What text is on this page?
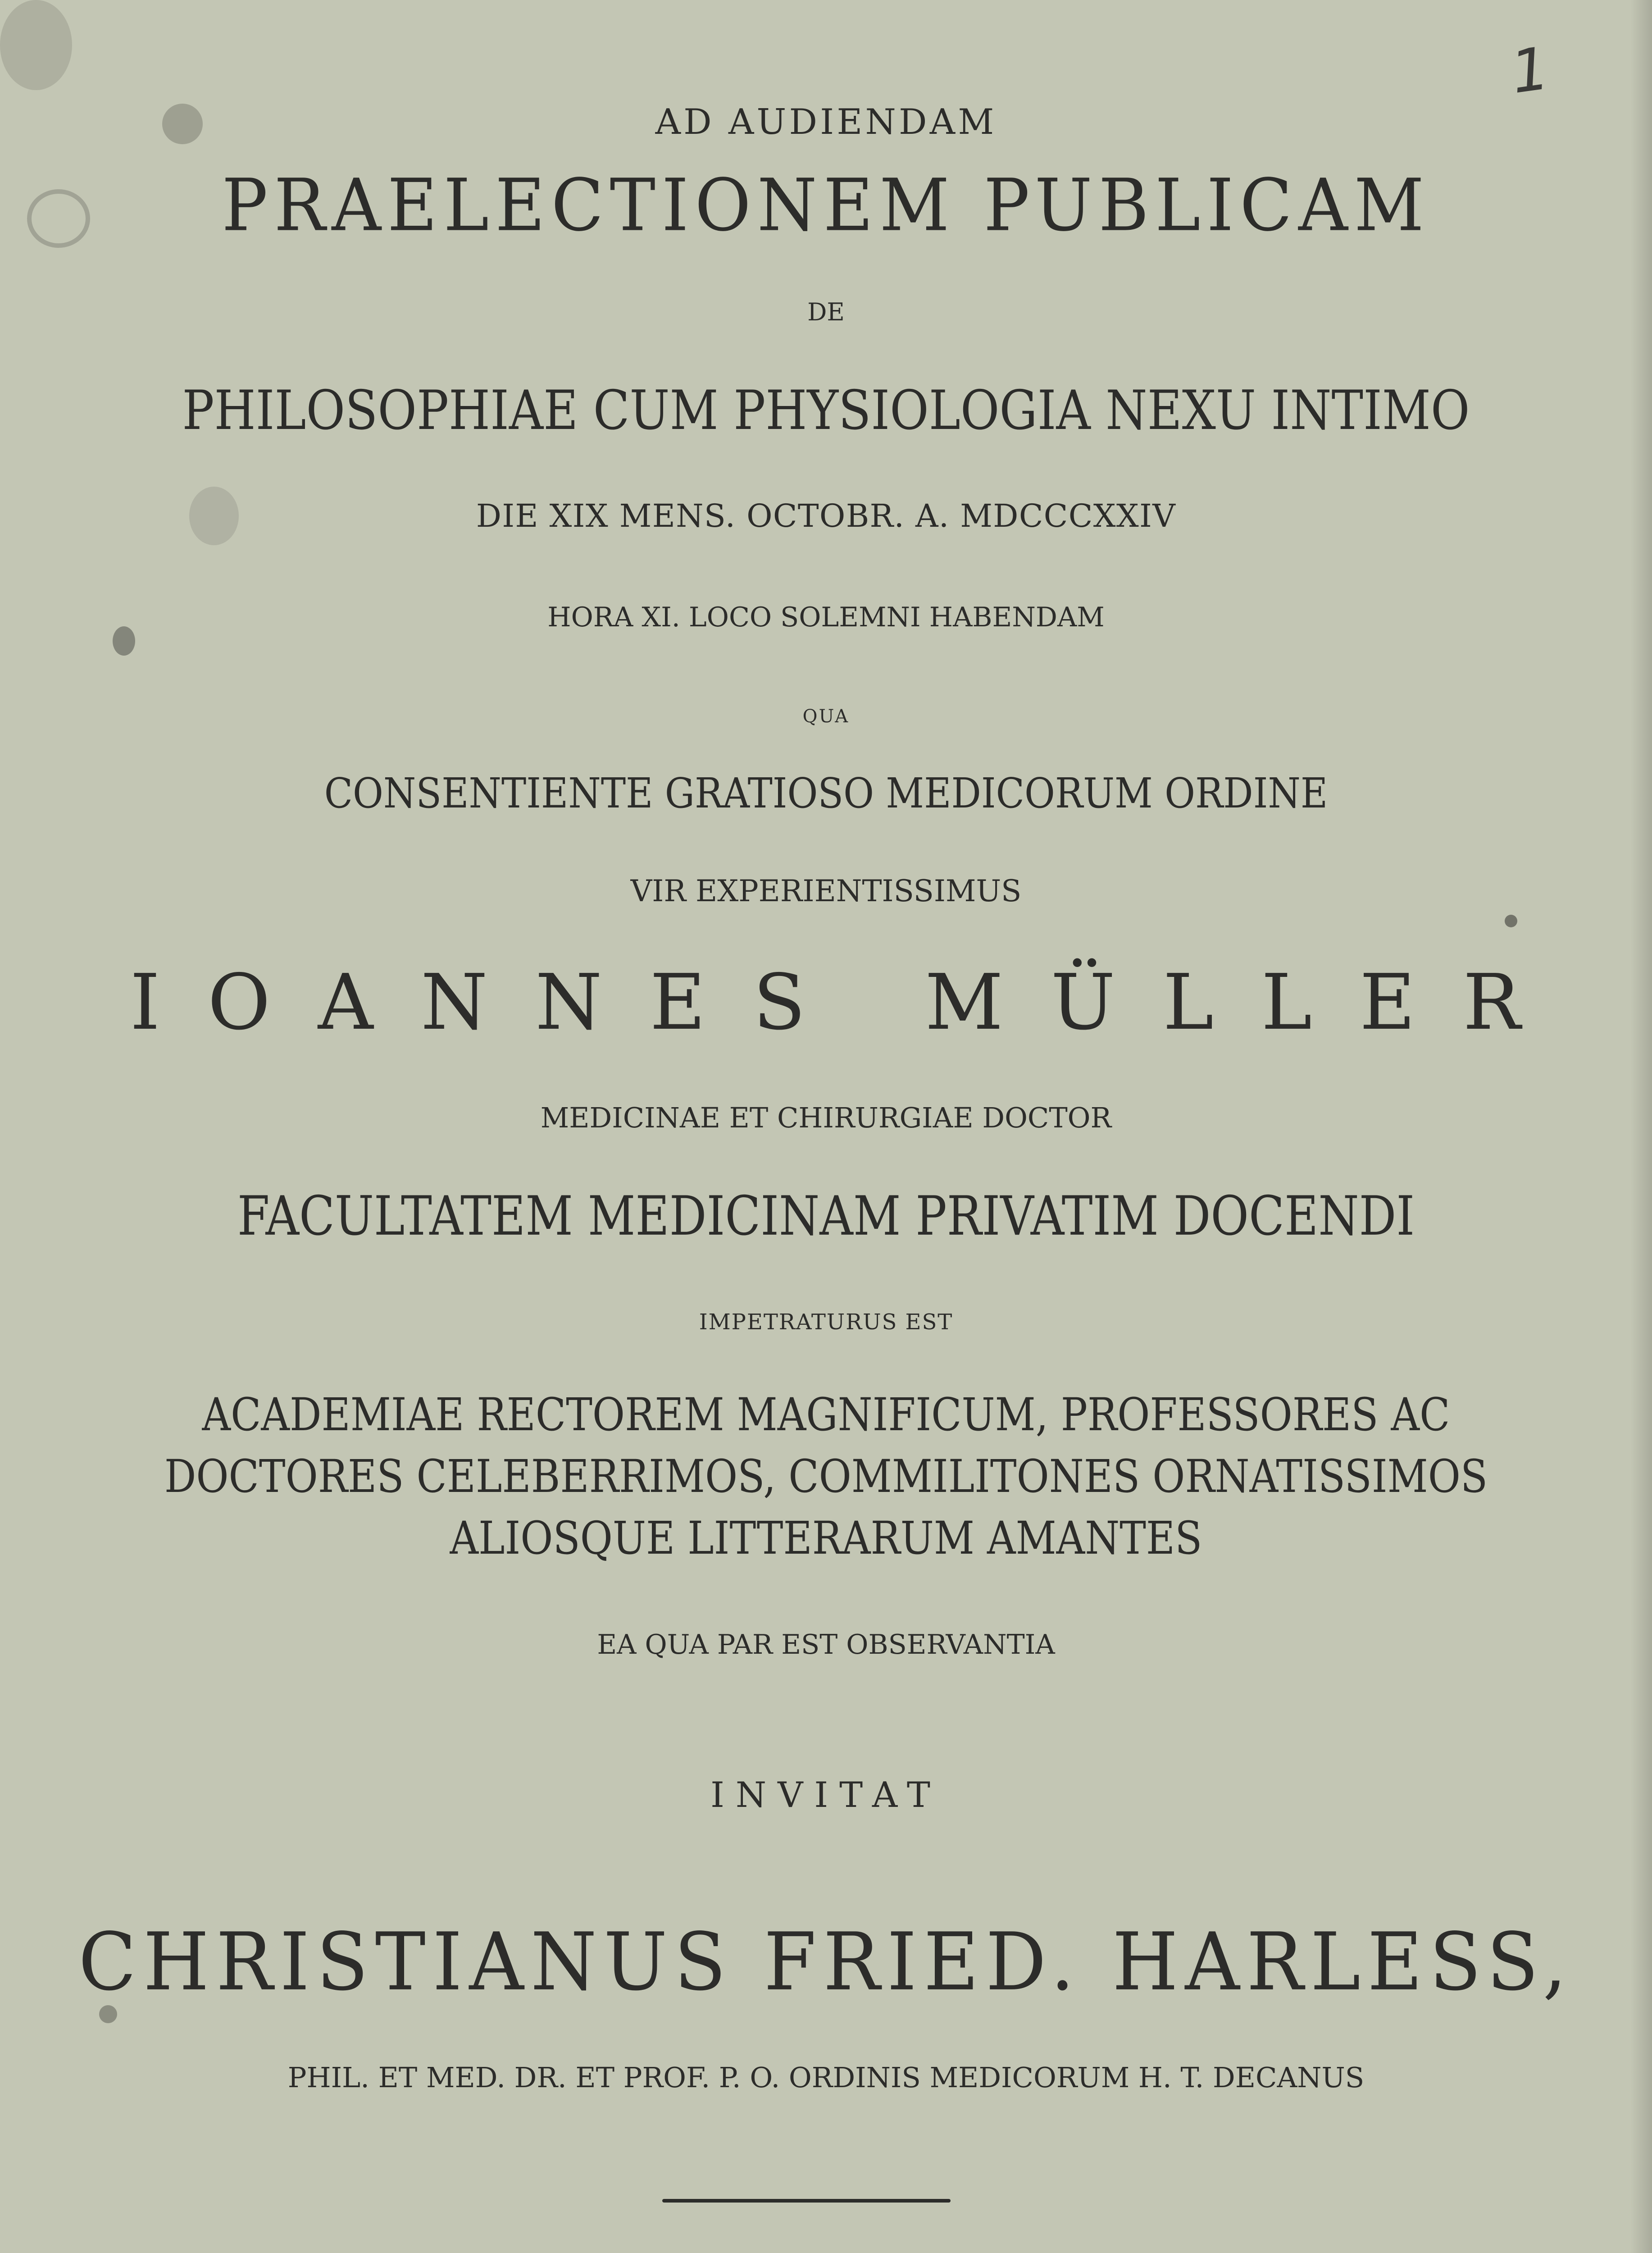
1
AD AUDIENDAM
PRAELECTIONEM PUBLICAM
DE
PHILOSOPHIAE CUM PHYSIOLOGIA NEXU INTIMO
DIE XIX MENS. OCTOBR. A. MDCCCXXIV
HORA XI. LOCO SOLEMNI HABENDAM
QUA
CONSENTIENTE GRATIOSO MEDICORUM ORDINE
VIR EXPERIENTISSIMUS
IOANNES MÜLLER
MEDICINAE ET CHIRURGIAE DOCTOR
FACULTATEM MEDICINAM PRIVATIM DOCENDI
IMPETRATURUS EST
ACADEMIAE RECTOREM MAGNIFICUM, PROFESSORES AC
DOCTORES CELEBERRIMOS, COMMILITONES ORNATISSIMOS
ALIOSQUE LITTERARUM AMANTES
EA QUA PAR EST OBSERVANTIA
INVITAT
CHRISTIANUS FRIED. HARLESS,
PHIL. ET MED. DR. ET PROF. P. O. ORDINIS MEDICORUM H. T. DECANUS
